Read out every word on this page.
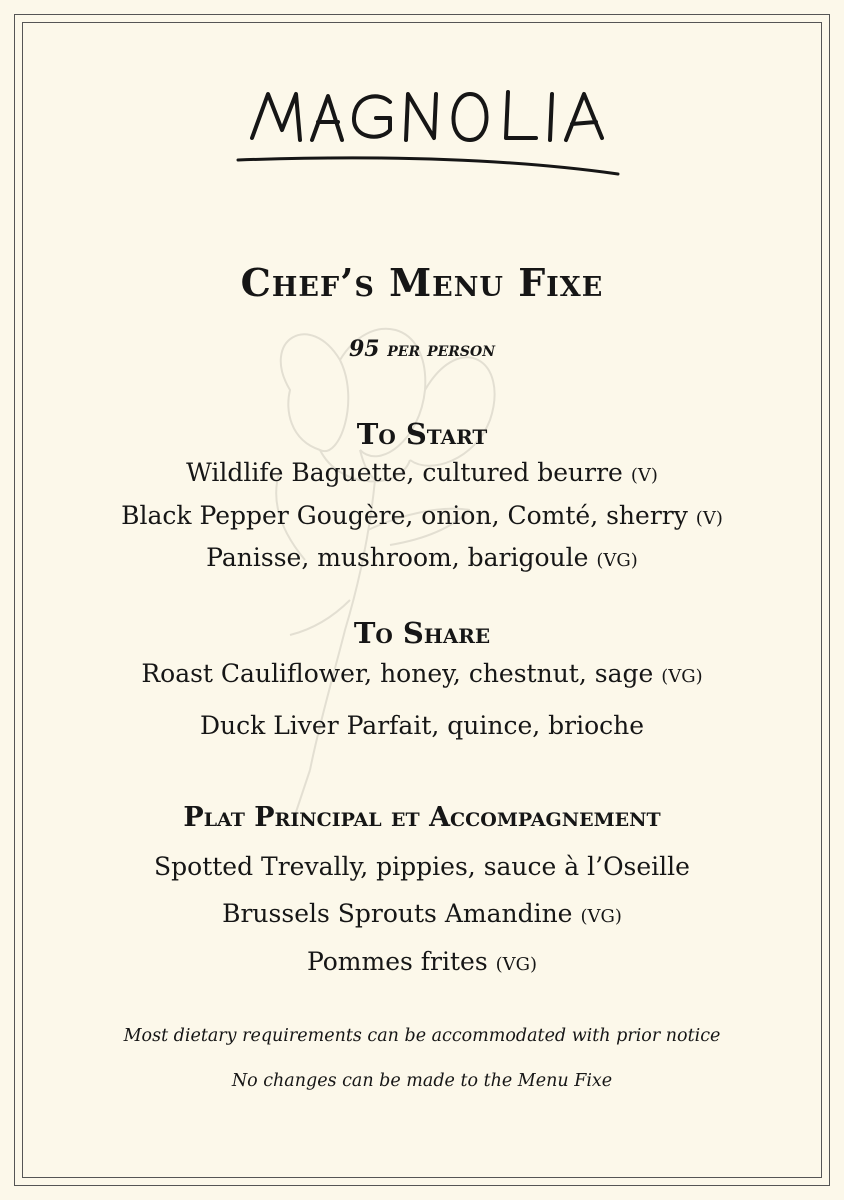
Chef’s Menu Fixe
95 per person
To Start
Wildlife Baguette, cultured beurre (V)
Black Pepper Gougère, onion, Comté, sherry (V)
Panisse, mushroom, barigoule (VG)
To Share
Roast Cauliflower, honey, chestnut, sage (VG)
Duck Liver Parfait, quince, brioche
Plat Principal et Accompagnement
Spotted Trevally, pippies, sauce à l’Oseille
Brussels Sprouts Amandine (VG)
Pommes frites (VG)
Most dietary requirements can be accommodated with prior notice
No changes can be made to the Menu Fixe
